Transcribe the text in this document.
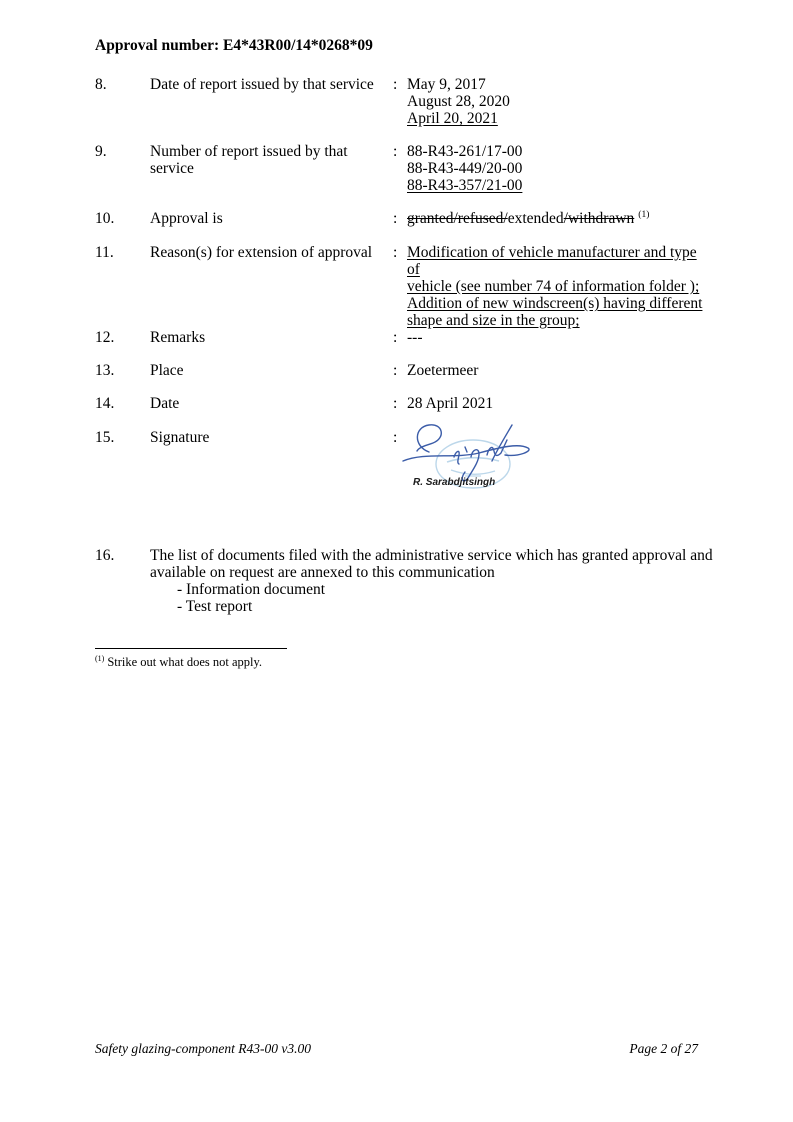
Approval number: E4*43R00/14*0268*09
8.	Date of report issued by that service	: May 9, 2017
August 28, 2020
April 20, 2021
9.	Number of report issued by that service
: 88-R43-261/17-00
88-R43-449/20-00
88-R43-357/21-00
10.	Approval is	: granted/refused/extended/withdrawn $^{(1)}$
11.	Reason(s) for extension of approval	: Modification of vehicle manufacturer and type of
vehicle (see number 74 of information folder );
Addition of new windscreen(s) having different
shape and size in the group;
12.	Remarks	: ---
13.	Place	: Zoetermeer
14.	Date	: 28 April 2021
15.	Signature	:
R. Sarabdjitsingh
16.	The list of documents filed with the administrative service which has granted approval and
available on request are annexed to this communication
- Information document
- Test report
$^{(1)}$ Strike out what does not apply.
Safety glazing-component R43-00 v3.00	Page 2 of 27
